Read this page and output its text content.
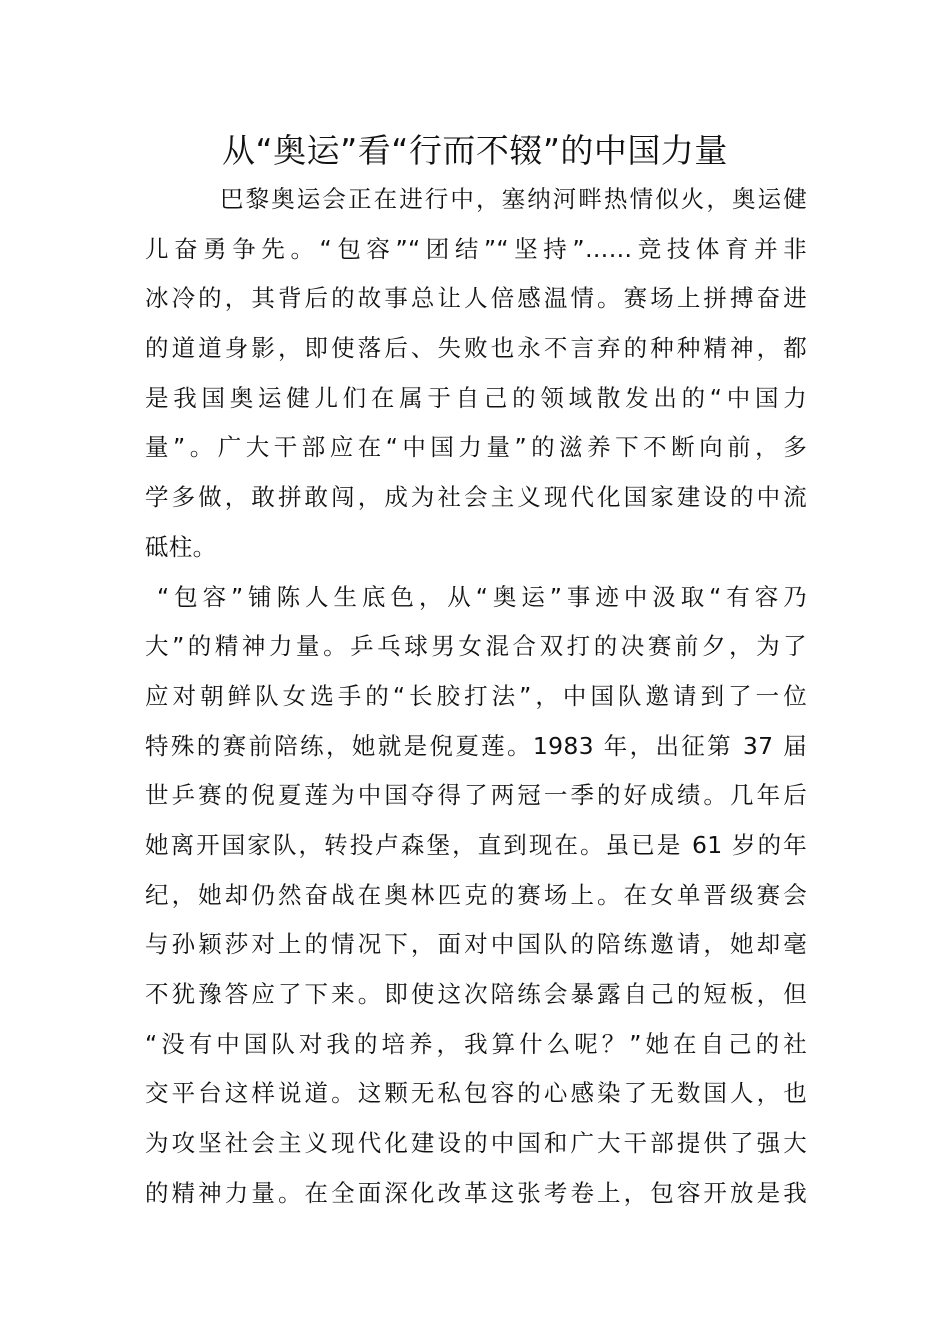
从“奥运”看“行而不辍”的中国力量
巴黎奥运会正在进行中，塞纳河畔热情似火，奥运健
儿奋勇争先。“包容”“团结”“坚持”……竞技体育并非
冰冷的，其背后的故事总让人倍感温情。赛场上拼搏奋进
的道道身影，即使落后、失败也永不言弃的种种精神，都
是我国奥运健儿们在属于自己的领域散发出的“中国力
量”。广大干部应在“中国力量”的滋养下不断向前，多
学多做，敢拼敢闯，成为社会主义现代化国家建设的中流
砥柱。
“包容”铺陈人生底色，从“奥运”事迹中汲取“有容乃
大”的精神力量。乒乓球男女混合双打的决赛前夕，为了
应对朝鲜队女选手的“长胶打法”，中国队邀请到了一位
特殊的赛前陪练，她就是倪夏莲。1983 年，出征第 37 届
世乒赛的倪夏莲为中国夺得了两冠一季的好成绩。几年后
她离开国家队，转投卢森堡，直到现在。虽已是 61 岁的年
纪，她却仍然奋战在奥林匹克的赛场上。在女单晋级赛会
与孙颖莎对上的情况下，面对中国队的陪练邀请，她却毫
不犹豫答应了下来。即使这次陪练会暴露自己的短板，但
“没有中国队对我的培养，我算什么呢？”她在自己的社
交平台这样说道。这颗无私包容的心感染了无数国人，也
为攻坚社会主义现代化建设的中国和广大干部提供了强大
的精神力量。在全面深化改革这张考卷上，包容开放是我
